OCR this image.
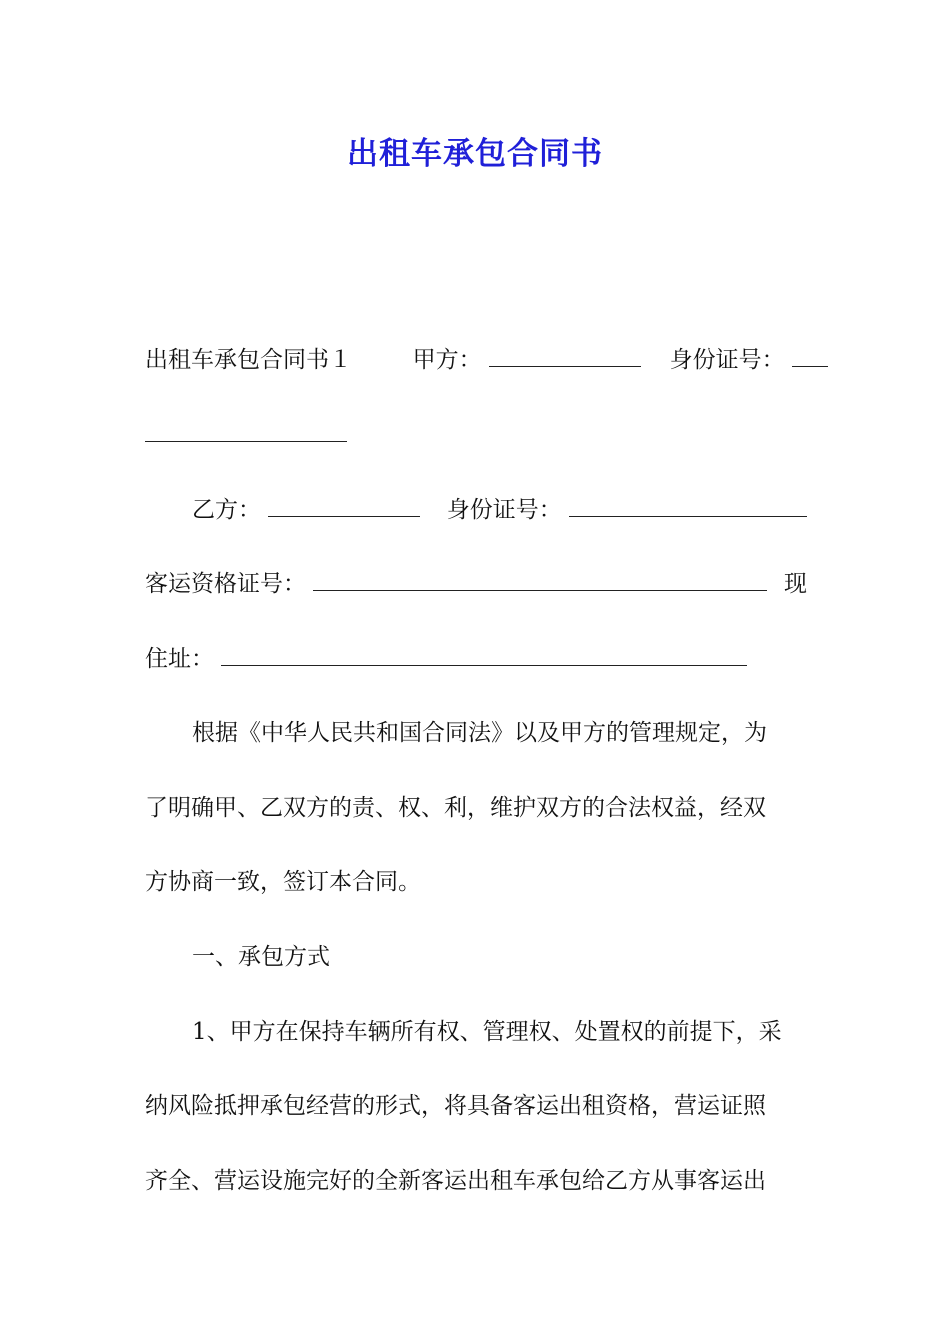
出租车承包合同书
出租车承包合同书１	甲方：	身份证号：
乙方：	身份证号：
客运资格证号：	现
住址：
根据《中华人民共和国合同法》以及甲方的管理规定，为
了明确甲、乙双方的责、权、利，维护双方的合法权益，经双
方协商一致，签订本合同。
一、承包方式
1、甲方在保持车辆所有权、管理权、处置权的前提下，采
纳风险抵押承包经营的形式，将具备客运出租资格，营运证照
齐全、营运设施完好的全新客运出租车承包给乙方从事客运出
